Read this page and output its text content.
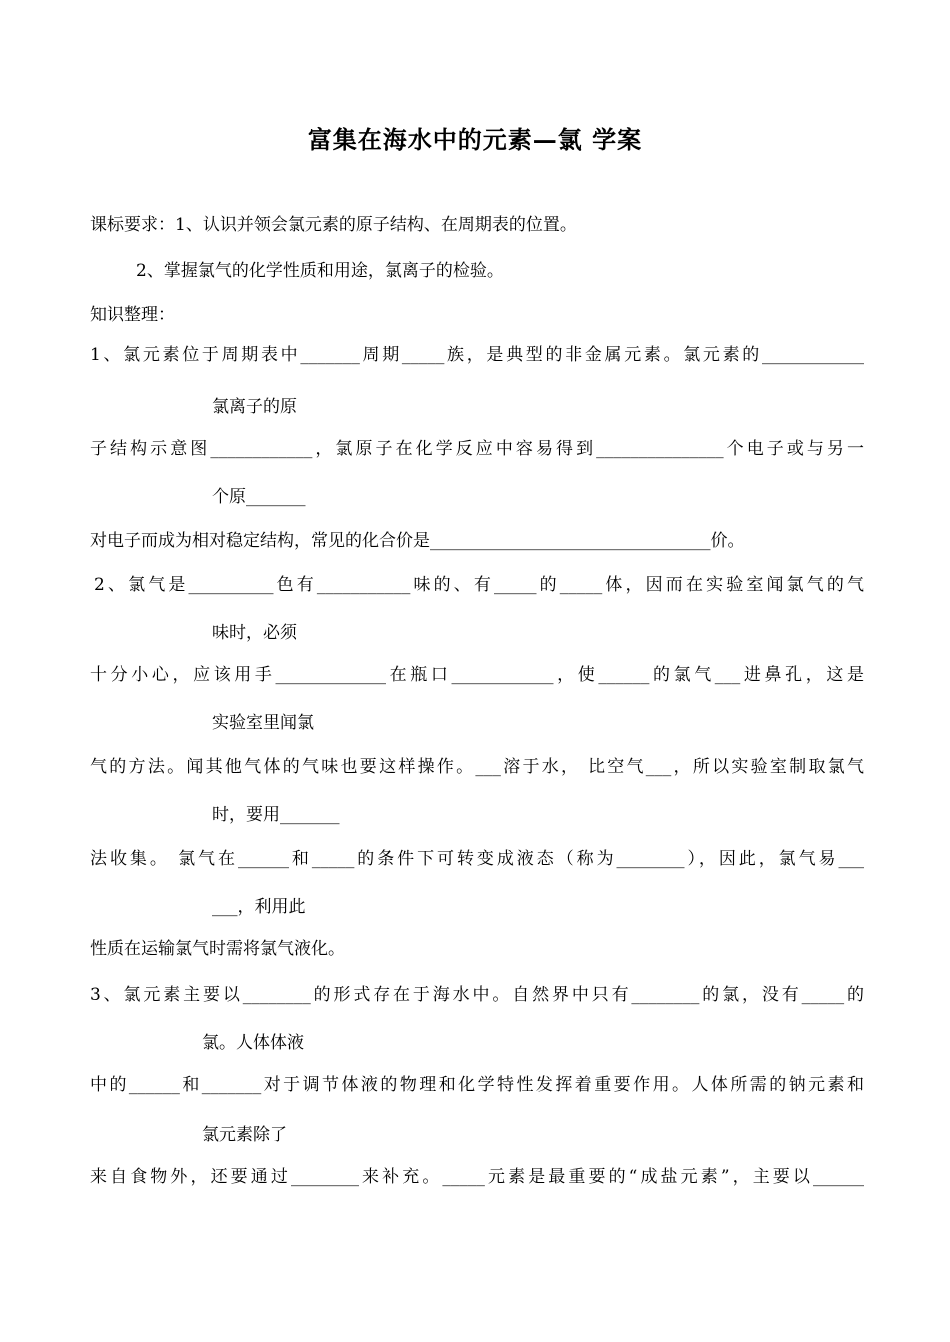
富集在海水中的元素—氯 学案
课标要求：1、认识并领会氯元素的原子结构、在周期表的位置。
2、掌握氯气的化学性质和用途，氯离子的检验。
知识整理：
1、氯元素位于周期表中_______周期_____族，是典型的非金属元素。氯元素的____________
氯离子的原
子结构示意图____________，氯原子在化学反应中容易得到_______________个电子或与另一
个原_______
对电子而成为相对稳定结构，常见的化合价是_________________________________价。
2、氯气是__________色有___________味的、有_____的_____体，因而在实验室闻氯气的气
味时，必须
十分小心，应该用手_____________在瓶口____________，使______的氯气___进鼻孔，这是
实验室里闻氯
气的方法。闻其他气体的气味也要这样操作。___溶于水， 比空气___，所以实验室制取氯气
时，要用_______
法收集。 氯气在______和_____的条件下可转变成液态（称为________），因此，氯气易___
___，利用此
性质在运输氯气时需将氯气液化。
3、氯元素主要以________的形式存在于海水中。自然界中只有________的氯，没有_____的
氯。人体体液
中的______和_______对于调节体液的物理和化学特性发挥着重要作用。人体所需的钠元素和
氯元素除了
来自食物外，还要通过________来补充。_____元素是最重要的“成盐元素”，主要以______
